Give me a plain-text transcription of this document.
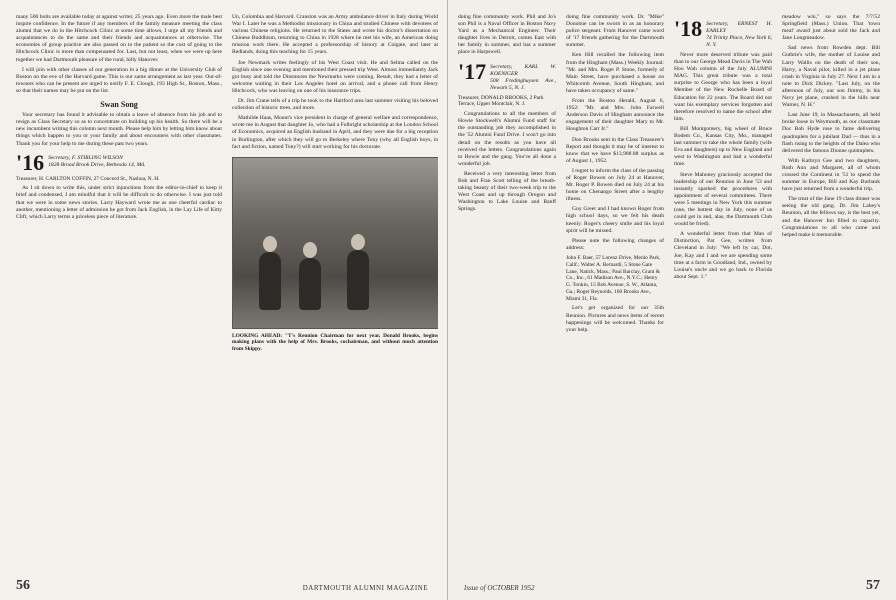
many 500 bolts are available today at against writer, 25 years ago. Even more the male best inspire confidence. In the future if any members of the family measure meeting the class alumni that we do in the Hitchcock Clinic at some time allows, I urge all my friends and acquaintances to do the same and their friends and acquaintances at otherwise. The economies of group practice are also passed on to the patient so the cost of going to the Hitchcock Clinic is more than compensated for. Last, but not least, when we were up here together we had Dartmouth pleasure of the rural, hilly Hanover.

I will join with other classes of our generation in a big dinner at the University Club of Boston on the eve of the Harvard game. This is our same arrangement as last year. Out-of-towners who can be present are urged to notify F. E. Clough, 193 High St., Boston, Mass., so that their names may be put on the list.

Swan Song

Your secretary has found it advisable to obtain a leave of absence from his job and to resign as Class Secretary so as to concentrate on building up his health. So there will be a new incumbent writing this column next month. Please help him by letting him know about things which happen to you or your family and about encounters with other classmates. Thank you for your help to me during these past two years.

'16 Secretary, F. STIRLING WILSON
1828 Broad Brook Drive, Bethesda 14, Md.
Treasurer, H. CARLTON COFFIN, 27 Concord St., Nashua, N. H.

As I sit down to write this, under strict injunctions from the editor-in-chief to keep it brief and condensed, I am mindful that it will be difficult to do otherwise. I was just told that we were in some news stories. Larry Hayward wrote me as one cheerful cardiac to another, mentioning a letter of admission he got from Jack English, in the Lay Life of Kitty Clift, which Larry terms a priceless piece of literature.

Un, Colombia and Harvard. Cranston was an Army ambulance driver in Italy during World War I. Later he was a Methodist missionary in China and studied Chinese with devotees of various Chinese religions. He returned to the States and wrote his doctor's dissertation on Chinese Buddhism, returning to China in 1928 where he met his wife, an American doing mission work there. He accepted a professorship of history at Colgate, and later at Redlands, doing this teaching for 15 years.

Joe Newmark writes feelingly of his West Coast visit. He and Selma called on the English since one evening and mentioned their pressed trip West. Almost immediately Jack got busy and told the Dinsmores the Newmarks were coming. Result, they had a letter of welcome waiting in their Los Angeles hotel on arrival, and a phone call from Henry Hitchcock, who was leaving on one of his insurance trips.

Dr. Jim Crane tells of a trip he took to the Hartford area last summer visiting his beloved collection of historic trees, and more.

Mathilde Haas, Mount's vice president in charge of general welfare and correspondence, wrote me in August that daughter Jo, who had a Fulbright scholarship at the London School of Economics, acquired an English husband in April, and they were due for a big reception in Burlington, after which they will go to Berkeley where Tony (why all English boys, in fact and fiction, named Tony?) will start working for his doctorate.

LOOKING AHEAD: "T's Reunion Chairman for next year, Donald Brooks, begins making plans with the help of Mrs. Brooks, cochairman, and without much attention from Skippy.
56	DARTMOUTH ALUMNI MAGAZINE

doing fine community work. Phil and Jo's son Phil is a Naval Officer in Boston Navy Yard as a Mechanical Engineer. Their daughter lives in Detroit, comes East with her family in summer, and has a summer place in Harpswell.

'17 Secretary, KARL W. KOENIGER
508 Fredinghuysen Ave., Newark 5, N. J.
Treasurer, DONALD BROOKS, 2 Park Terrace, Upper Montclair, N. J.

Congratulations to all the members of Howie Stockwell's Alumni Fund staff for the outstanding job they accomplished in the '52 Alumni Fund Drive. I won't go into detail on the results as you have all received the letters. Congratulations again to Howie and the gang. You've all done a wonderful job.

Received a very interesting letter from Bob and Fran Scott telling of the breath-taking beauty of their two-week trip to the West Coast and up through Oregon and Washington to Lake Louise and Banff Springs.

doing fine community work. Dr. "Mike" Donohue can be sworn in as an honorary police sergeant. From Hanover came word of '17 friends gathering for the Dartmouth summer.

Ken Hill recalled the following item from the Hingham (Mass.) Weekly Journal: "Mr. and Mrs. Roger P. Stone, formerly of Main Street, have purchased a house on Whitcomb Avenue, South Hingham, and have taken occupancy of same."

From the Boston Herald, August 6, 1952: "Mr. and Mrs. John Farwell Anderson Davis of Hingham announce the engagement of their daughter Mary to Mr. Houghton Carr Jr."

Don Brooks sent in the Class Treasurer's Report and thought it may be of interest to know that we have $13,988.88 surplus as of August 1, 1952.

I regret to inform the class of the passing of Roger Bowen on July 24 at Hanover, Mr. Roger P. Bowen died on July 24 at his home on Chenango Street after a lengthy illness.

Guy Greer and I had known Roger from high school days, so we felt his death keenly. Roger's cheery smile and his loyal spirit will be missed.

Please note the following changes of address:

John F. Baer, 57 Lorenz Drive, Menlo Park, Calif.; Walter A. Bernardi, 5 Stone Gate Lane, Natick, Mass.; Paul Barclay, Grant & Co., Inc., 61 Madison Ave., N.Y.C.; Henry G. Tonkin, 15 Bob Avenue, S. W., Atlanta, Ga.; Roger Reynolds, 160 Brooks Ave., Miami 31, Fla.

Let's get organized for our 35th Reunion. Pictures and news items of recent happenings will be welcomed. Thanks for your help.

'18 Secretary, ERNEST H. EARLEY
74 Trinity Place, New York 6, N. Y.

Never more deserved tribute was paid than to our George Mead Davis in The Wah Hoo Wah column of the July ALUMNI MAG. This great tribute was a total surprise to George who has been a loyal Member of the New Rochelle Board of Education for 22 years. The Board did not want his exemplary services forgotten and therefore resolved to name the school after him.

Bill Montgomery, big wheel of Bruce Bodem Co., Kansas City, Mo., managed last summer to take the whole family (wife Eva and daughters) up to New England and west to Washington and had a wonderful time.

Steve Mahoney graciously accepted the leadership of our Reunion in June '53 and instantly sparked the procedures with appointment of several committees. There were 5 meetings in New York this summer (one, the hottest day in July, none of us could get in and, alas, the Dartmouth Club would be fried).

A wonderful letter from that Man of Distinction, Pat Gee, written from Cleveland in July: "We left by car, Dot, Joe, Kay and I and we are spending some time at a farm in Goodland, Ind., owned by Louise's uncle and we go back to Florida about Sept. 1."

meadow win," so says the 7/7/52 Springfield (Mass.) Union. That 'town meal' award just about sold the Jack and Jane Longmeadow.

Sad news from Rowden dept. Bill Guthrie's wife, the mother of Louise and Larry Wallis on the death of their son, Harry, a Naval pilot, killed in a jet plane crash in Virginia in July 27. Next I am in a note to Dick Dickey. "Last July, on the afternoon of July, our son Jimmy, in his Navy jet plane, crashed in the hills near Warner, N. H."

Last June 19, in Massachusetts, all held broke loose in Weymouth, as our classmate Doc Bob Hyde rose to fame delivering quadruplets for a jubilant Dad — thus in a flash rising to the heights of the Dalea who delivered the famous Dionne quintuplets.

With Kathryn Gee and two daughters, Ruth Ann and Margaret, all of whom crossed the Continent in '51 to spend the summer in Europe, Bill and Kay Burbank have just returned from a wonderful trip.

The treat of the June 19 class dinner was seeing the old gang. Dr. Jim Lahey's Reunion, all the fellows say, is the best yet, and the Hanover Inn filled to capacity. Congratulations to all who came and helped make it memorable.

Issue of OCTOBER 1952	57
